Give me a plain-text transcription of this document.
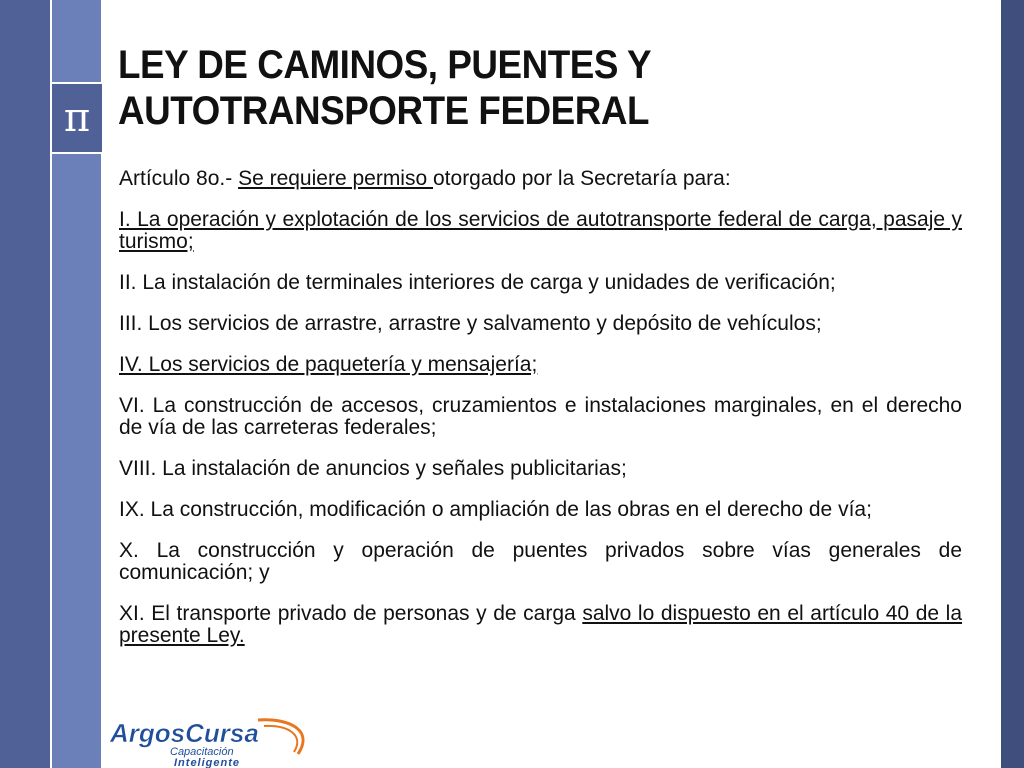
π
LEY DE CAMINOS, PUENTES Y
AUTOTRANSPORTE FEDERAL

Artículo 8o.- Se requiere permiso otorgado por la Secretaría para:

I. La operación y explotación de los servicios de autotransporte federal de carga, pasaje y turismo;

II. La instalación de terminales interiores de carga y unidades de verificación;

III. Los servicios de arrastre, arrastre y salvamento y depósito de vehículos;

IV. Los servicios de paquetería y mensajería;

VI. La construcción de accesos, cruzamientos e instalaciones marginales, en el derecho de vía de las carreteras federales;

VIII. La instalación de anuncios y señales publicitarias;

IX. La construcción, modificación o ampliación de las obras en el derecho de vía;

X. La construcción y operación de puentes privados sobre vías generales de comunicación; y

XI. El transporte privado de personas y de carga salvo lo dispuesto en el artículo 40 de la presente Ley.

ArgosCursa
Capacitación
Inteligente
